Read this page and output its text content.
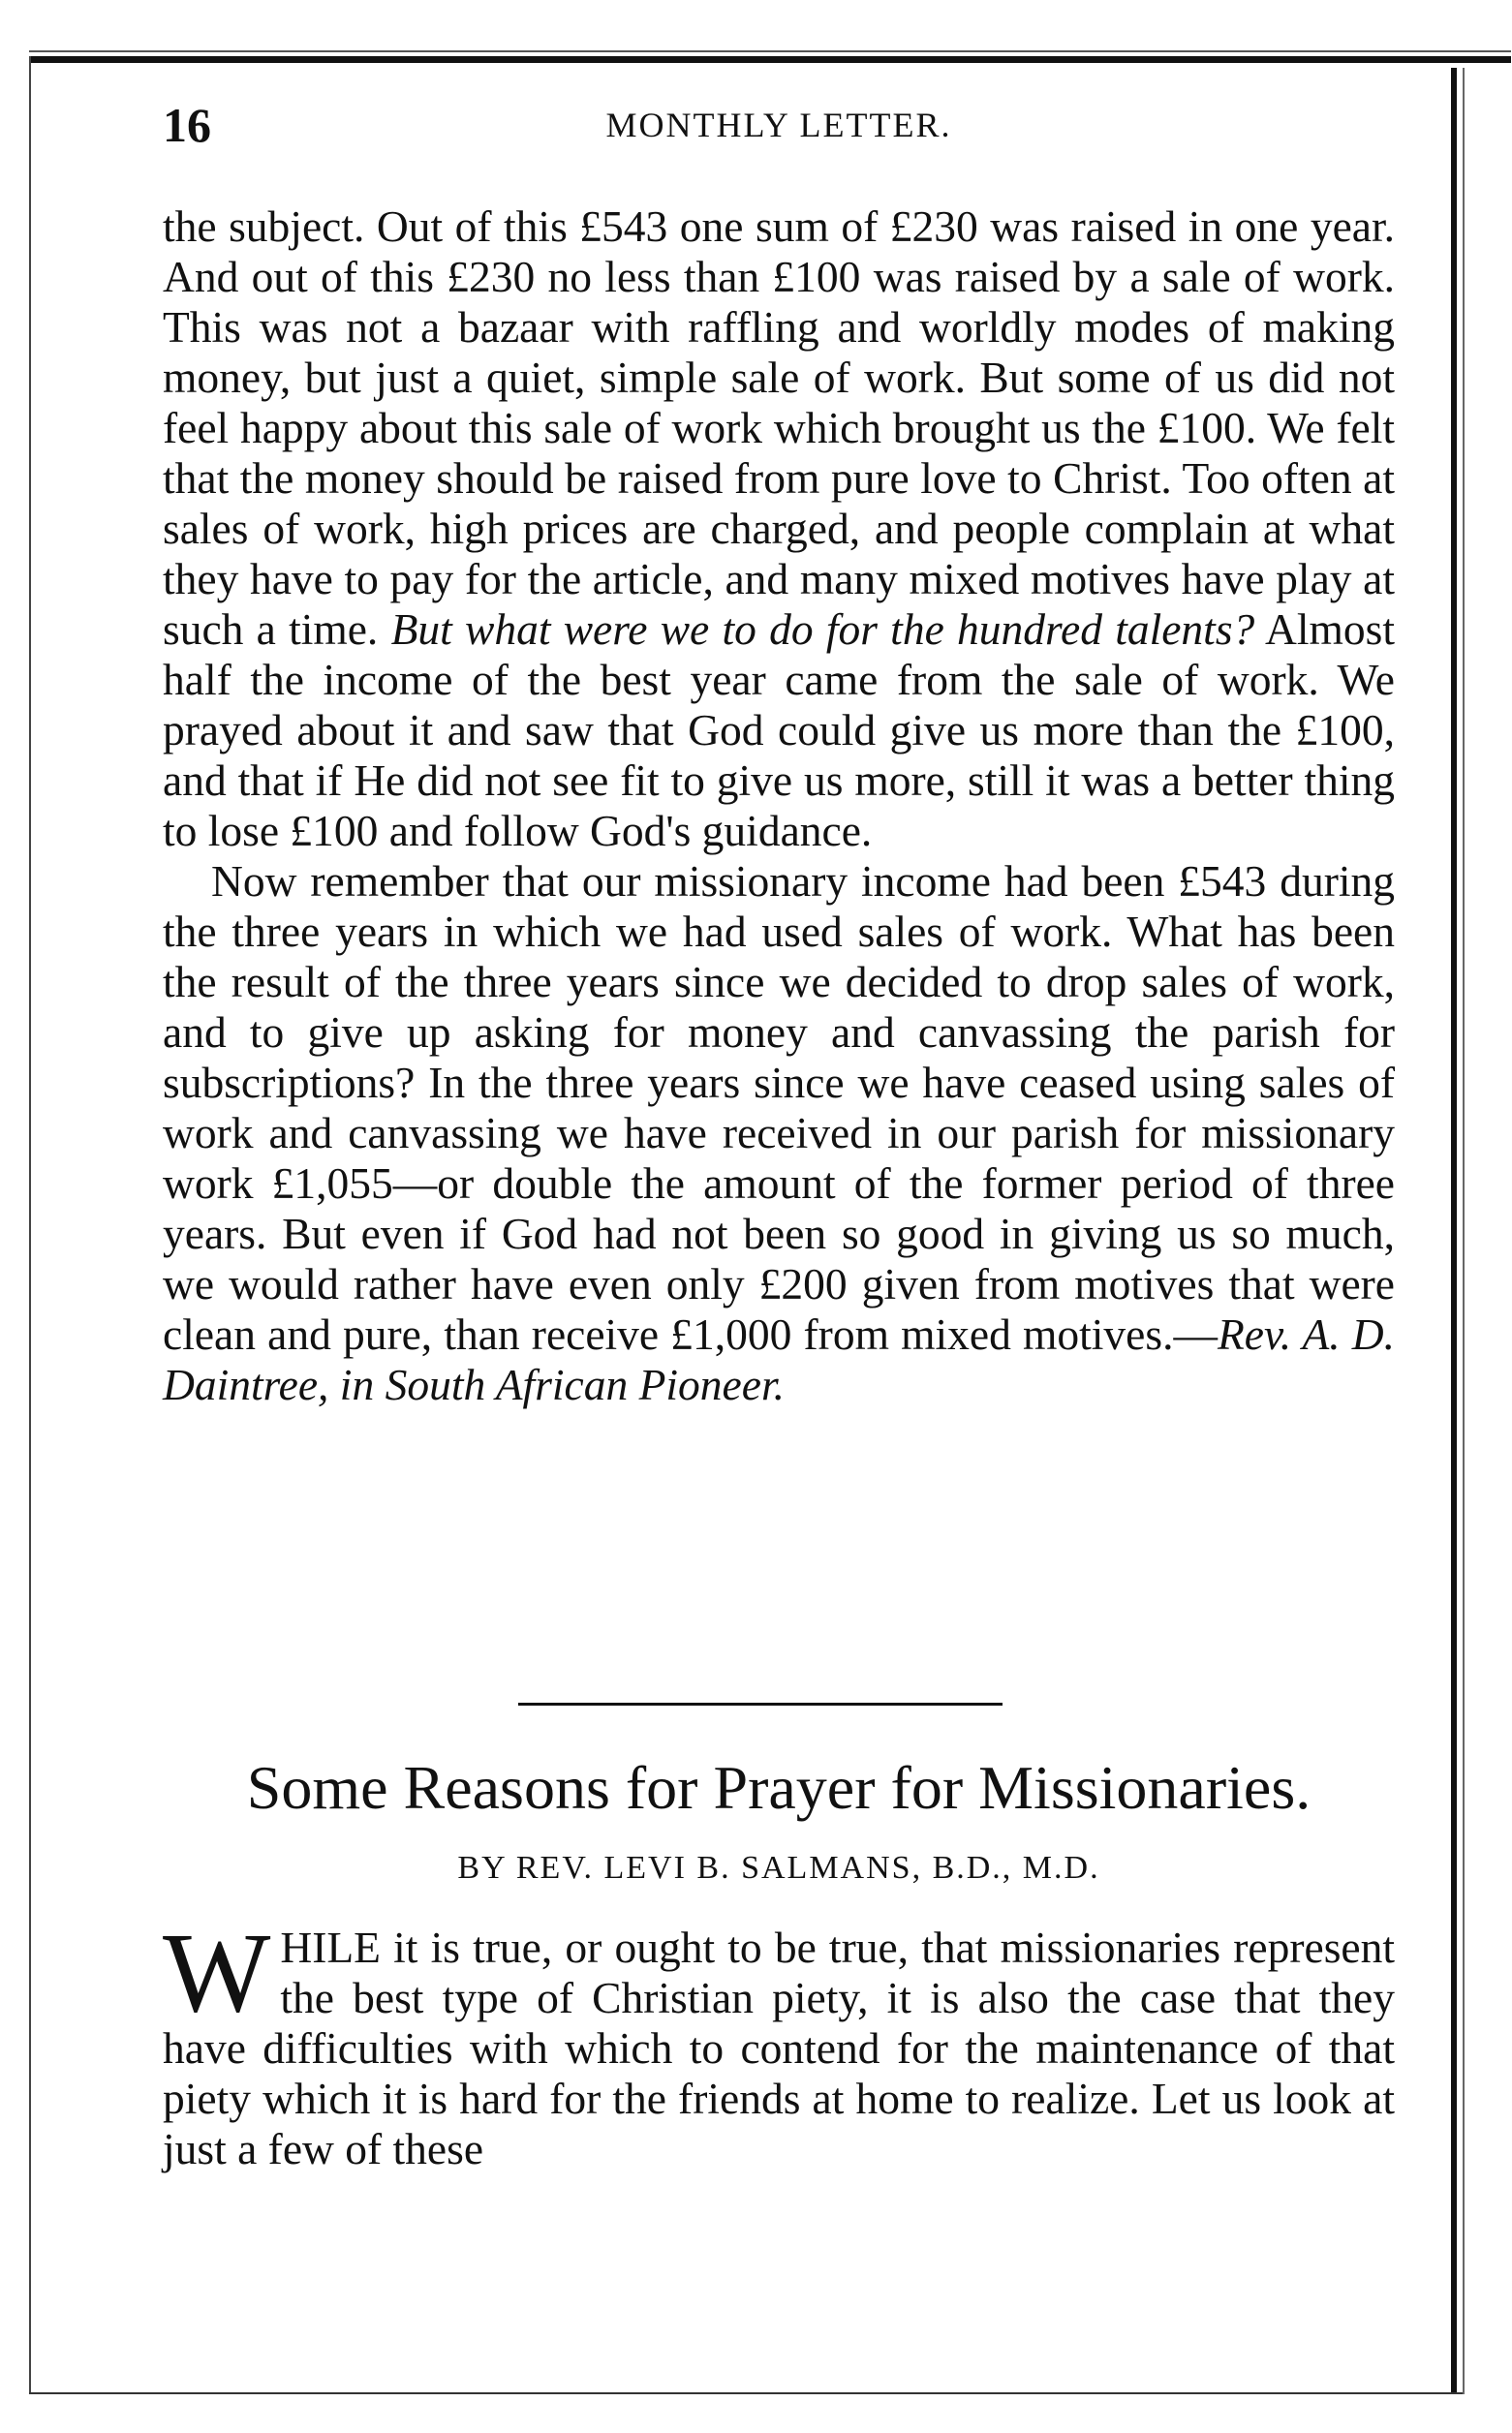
16	MONTHLY LETTER.

the subject. Out of this £543 one sum of £230 was raised in one year. And out of this £230 no less than £100 was raised by a sale of work. This was not a bazaar with raffling and worldly modes of making money, but just a quiet, simple sale of work. But some of us did not feel happy about this sale of work which brought us the £100. We felt that the money should be raised from pure love to Christ. Too often at sales of work, high prices are charged, and people complain at what they have to pay for the article, and many mixed motives have play at such a time. But what were we to do for the hundred talents? Almost half the income of the best year came from the sale of work. We prayed about it and saw that God could give us more than the £100, and that if He did not see fit to give us more, still it was a better thing to lose £100 and follow God's guidance.

Now remember that our missionary income had been £543 during the three years in which we had used sales of work. What has been the result of the three years since we decided to drop sales of work, and to give up asking for money and canvassing the parish for subscriptions? In the three years since we have ceased using sales of work and canvassing we have received in our parish for missionary work £1,055—or double the amount of the former period of three years. But even if God had not been so good in giving us so much, we would rather have even only £200 given from motives that were clean and pure, than receive £1,000 from mixed motives.—Rev. A. D. Daintree, in South African Pioneer.

Some Reasons for Prayer for Missionaries.
BY REV. LEVI B. SALMANS, B.D., M.D.
WHILE it is true, or ought to be true, that missionaries represent the best type of Christian piety, it is also the case that they have difficulties with which to contend for the maintenance of that piety which it is hard for the friends at home to realize. Let us look at just a few of these
